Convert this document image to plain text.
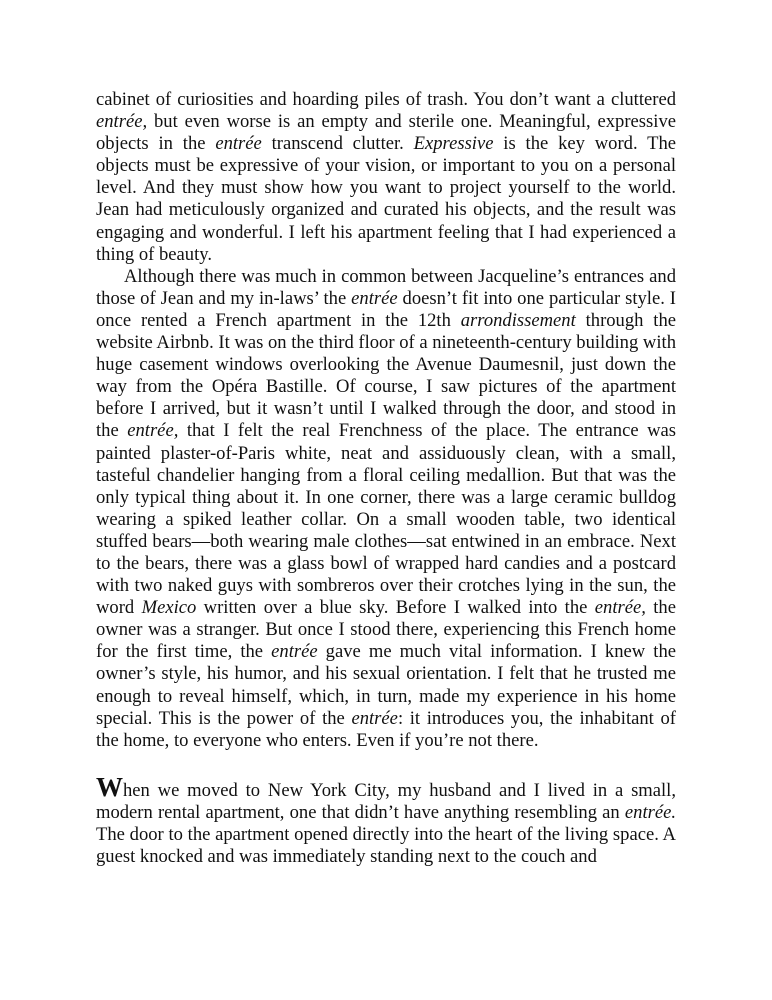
cabinet of curiosities and hoarding piles of trash. You don’t want a cluttered entrée, but even worse is an empty and sterile one. Meaningful, expressive objects in the entrée transcend clutter. Expressive is the key word. The objects must be expressive of your vision, or important to you on a personal level. And they must show how you want to project yourself to the world. Jean had meticulously organized and curated his objects, and the result was engaging and wonderful. I left his apartment feeling that I had experienced a thing of beauty.

Although there was much in common between Jacqueline’s entrances and those of Jean and my in-laws’ the entrée doesn’t fit into one particular style. I once rented a French apartment in the 12th arrondissement through the website Airbnb. It was on the third floor of a nineteenth-century building with huge casement windows overlooking the Avenue Daumesnil, just down the way from the Opéra Bastille. Of course, I saw pictures of the apartment before I arrived, but it wasn’t until I walked through the door, and stood in the entrée, that I felt the real Frenchness of the place. The entrance was painted plaster-of-Paris white, neat and assiduously clean, with a small, tasteful chandelier hanging from a floral ceiling medallion. But that was the only typical thing about it. In one corner, there was a large ceramic bulldog wearing a spiked leather collar. On a small wooden table, two identical stuffed bears—both wearing male clothes—sat entwined in an embrace. Next to the bears, there was a glass bowl of wrapped hard candies and a postcard with two naked guys with sombreros over their crotches lying in the sun, the word Mexico written over a blue sky. Before I walked into the entrée, the owner was a stranger. But once I stood there, experiencing this French home for the first time, the entrée gave me much vital information. I knew the owner’s style, his humor, and his sexual orientation. I felt that he trusted me enough to reveal himself, which, in turn, made my experience in his home special. This is the power of the entrée: it introduces you, the inhabitant of the home, to everyone who enters. Even if you’re not there.

When we moved to New York City, my husband and I lived in a small, modern rental apartment, one that didn’t have anything resembling an entrée. The door to the apartment opened directly into the heart of the living space. A guest knocked and was immediately standing next to the couch and
